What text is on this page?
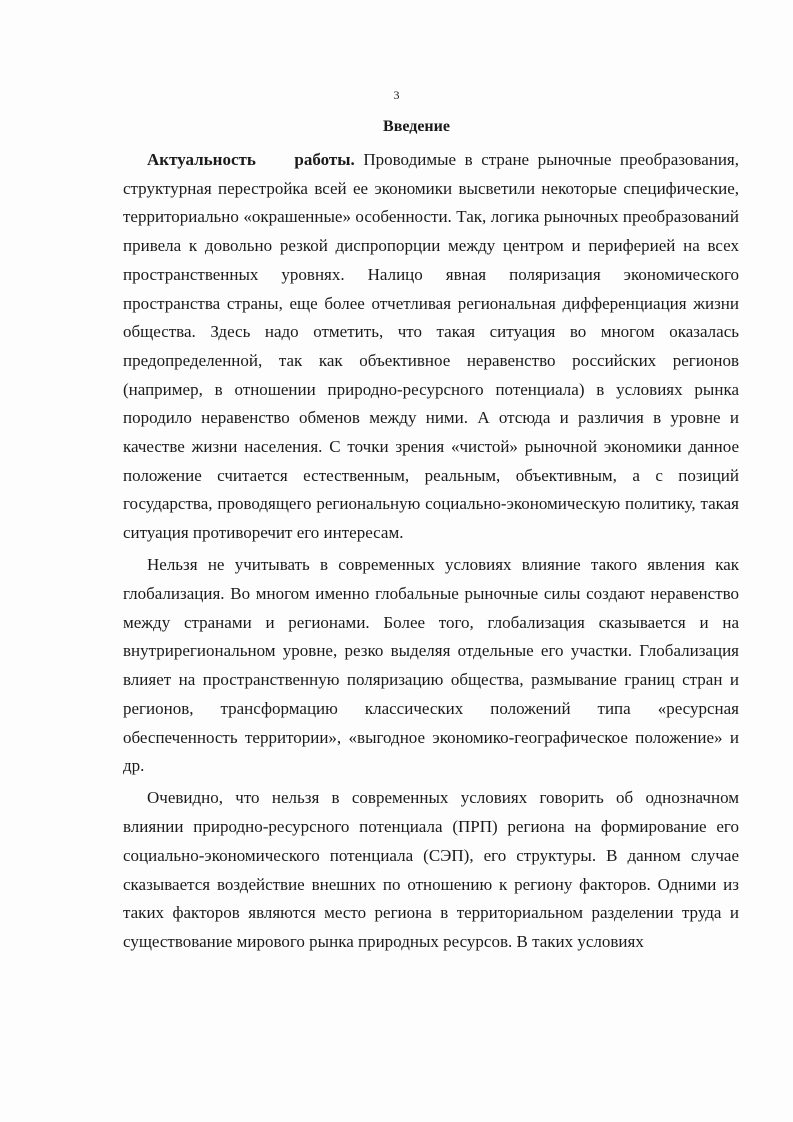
3
Введение

Актуальность работы. Проводимые в стране рыночные преобразования, структурная перестройка всей ее экономики высветили некоторые специфические, территориально «окрашенные» особенности. Так, логика рыночных преобразований привела к довольно резкой диспропорции между центром и периферией на всех пространственных уровнях. Налицо явная поляризация экономического пространства страны, еще более отчетливая региональная дифференциация жизни общества. Здесь надо отметить, что такая ситуация во многом оказалась предопределенной, так как объективное неравенство российских регионов (например, в отношении природно-ресурсного потенциала) в условиях рынка породило неравенство обменов между ними. А отсюда и различия в уровне и качестве жизни населения. С точки зрения «чистой» рыночной экономики данное положение считается естественным, реальным, объективным, а с позиций государства, проводящего региональную социально-экономическую политику, такая ситуация противоречит его интересам.

Нельзя не учитывать в современных условиях влияние такого явления как глобализация. Во многом именно глобальные рыночные силы создают неравенство между странами и регионами. Более того, глобализация сказывается и на внутрирегиональном уровне, резко выделяя отдельные его участки. Глобализация влияет на пространственную поляризацию общества, размывание границ стран и регионов, трансформацию классических положений типа «ресурсная обеспеченность территории», «выгодное экономико-географическое положение» и др.

Очевидно, что нельзя в современных условиях говорить об однозначном влиянии природно-ресурсного потенциала (ПРП) региона на формирование его социально-экономического потенциала (СЭП), его структуры. В данном случае сказывается воздействие внешних по отношению к региону факторов. Одними из таких факторов являются место региона в территориальном разделении труда и существование мирового рынка природных ресурсов. В таких условиях
